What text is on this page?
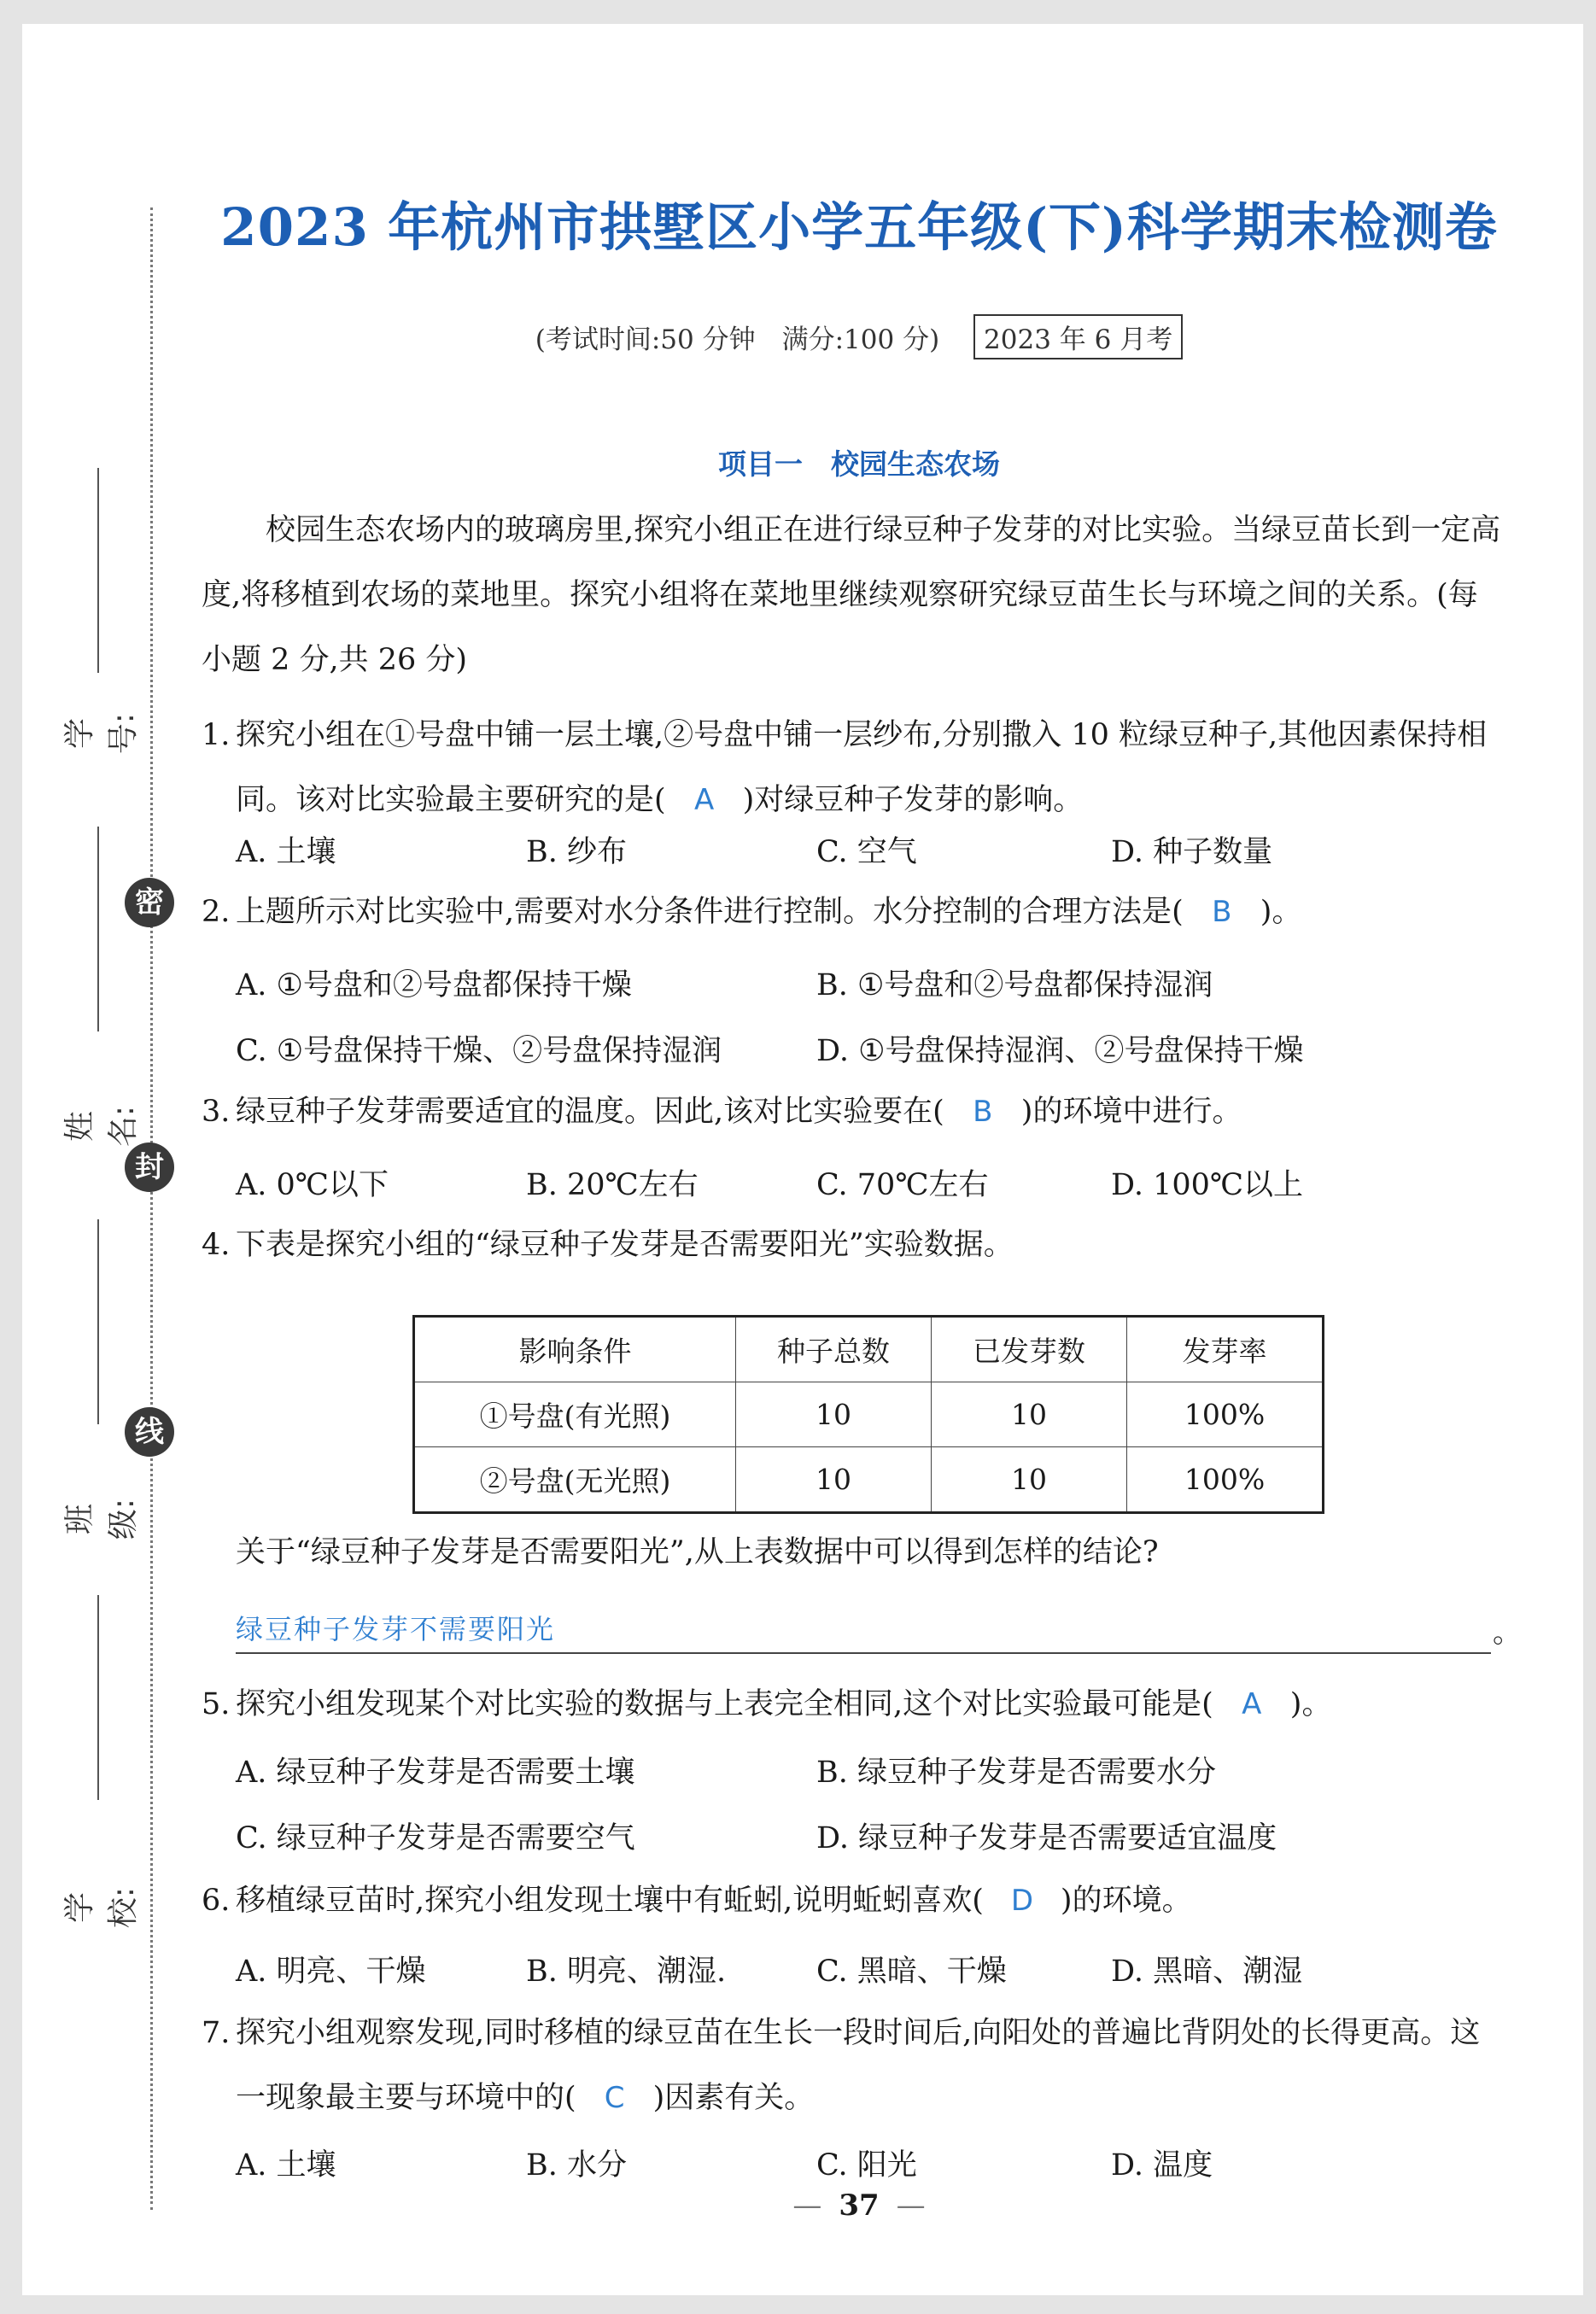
学号:
密
姓名:
封
线
班级:
学校:
2023 年杭州市拱墅区小学五年级(下)科学期末检测卷
(考试时间:50 分钟　满分:100 分) 2023 年 6 月考
项目一　校园生态农场
校园生态农场内的玻璃房里,探究小组正在进行绿豆种子发芽的对比实验。当绿豆苗长到一定高度,将移植到农场的菜地里。探究小组将在菜地里继续观察研究绿豆苗生长与环境之间的关系。(每小题 2 分,共 26 分)
1. 探究小组在①号盘中铺一层土壤,②号盘中铺一层纱布,分别撒入 10 粒绿豆种子,其他因素保持相同。该对比实验最主要研究的是( A )对绿豆种子发芽的影响。
A. 土壤	B. 纱布	C. 空气	D. 种子数量
2. 上题所示对比实验中,需要对水分条件进行控制。水分控制的合理方法是( B )。
A. ①号盘和②号盘都保持干燥	B. ①号盘和②号盘都保持湿润
C. ①号盘保持干燥、②号盘保持湿润	D. ①号盘保持湿润、②号盘保持干燥
3. 绿豆种子发芽需要适宜的温度。因此,该对比实验要在( B )的环境中进行。
A. 0℃以下	B. 20℃左右	C. 70℃左右	D. 100℃以上
4. 下表是探究小组的“绿豆种子发芽是否需要阳光”实验数据。
影响条件	种子总数	已发芽数	发芽率
①号盘(有光照)	10	10	100%
②号盘(无光照)	10	10	100%
关于“绿豆种子发芽是否需要阳光”,从上表数据中可以得到怎样的结论?
绿豆种子发芽不需要阳光	。
5. 探究小组发现某个对比实验的数据与上表完全相同,这个对比实验最可能是( A )。
A. 绿豆种子发芽是否需要土壤	B. 绿豆种子发芽是否需要水分
C. 绿豆种子发芽是否需要空气	D. 绿豆种子发芽是否需要适宜温度
6. 移植绿豆苗时,探究小组发现土壤中有蚯蚓,说明蚯蚓喜欢( D )的环境。
A. 明亮、干燥	B. 明亮、潮湿.	C. 黑暗、干燥	D. 黑暗、潮湿
7. 探究小组观察发现,同时移植的绿豆苗在生长一段时间后,向阳处的普遍比背阴处的长得更高。这一现象最主要与环境中的( C )因素有关。
A. 土壤	B. 水分	C. 阳光	D. 温度
— 37 —
